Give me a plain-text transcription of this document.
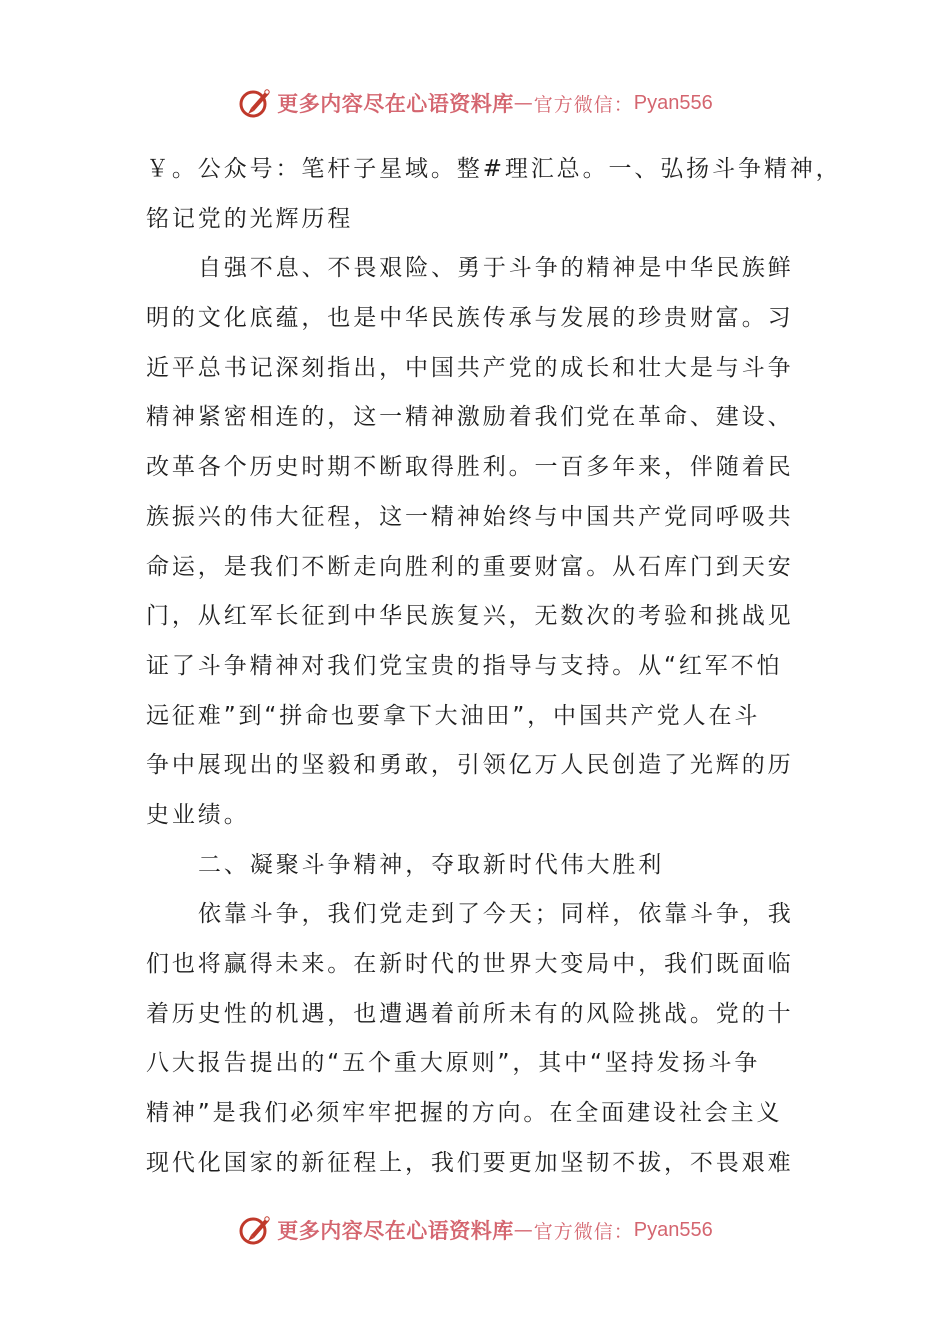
更多内容尽在心语资料库 — 官方微信： Pyan556
￥。公众号：笔杆子星域。整#理汇总。一、弘扬斗争精神，
铭记党的光辉历程
自强不息、不畏艰险、勇于斗争的精神是中华民族鲜
明的文化底蕴，也是中华民族传承与发展的珍贵财富。习
近平总书记深刻指出，中国共产党的成长和壮大是与斗争
精神紧密相连的，这一精神激励着我们党在革命、建设、
改革各个历史时期不断取得胜利。一百多年来，伴随着民
族振兴的伟大征程，这一精神始终与中国共产党同呼吸共
命运，是我们不断走向胜利的重要财富。从石库门到天安
门，从红军长征到中华民族复兴，无数次的考验和挑战见
证了斗争精神对我们党宝贵的指导与支持。从“红军不怕
远征难”到“拼命也要拿下大油田”，中国共产党人在斗
争中展现出的坚毅和勇敢，引领亿万人民创造了光辉的历
史业绩。
二、凝聚斗争精神，夺取新时代伟大胜利
依靠斗争，我们党走到了今天；同样，依靠斗争，我
们也将赢得未来。在新时代的世界大变局中，我们既面临
着历史性的机遇，也遭遇着前所未有的风险挑战。党的十
八大报告提出的“五个重大原则”，其中“坚持发扬斗争
精神”是我们必须牢牢把握的方向。在全面建设社会主义
现代化国家的新征程上，我们要更加坚韧不拔，不畏艰难
更多内容尽在心语资料库 — 官方微信： Pyan556
